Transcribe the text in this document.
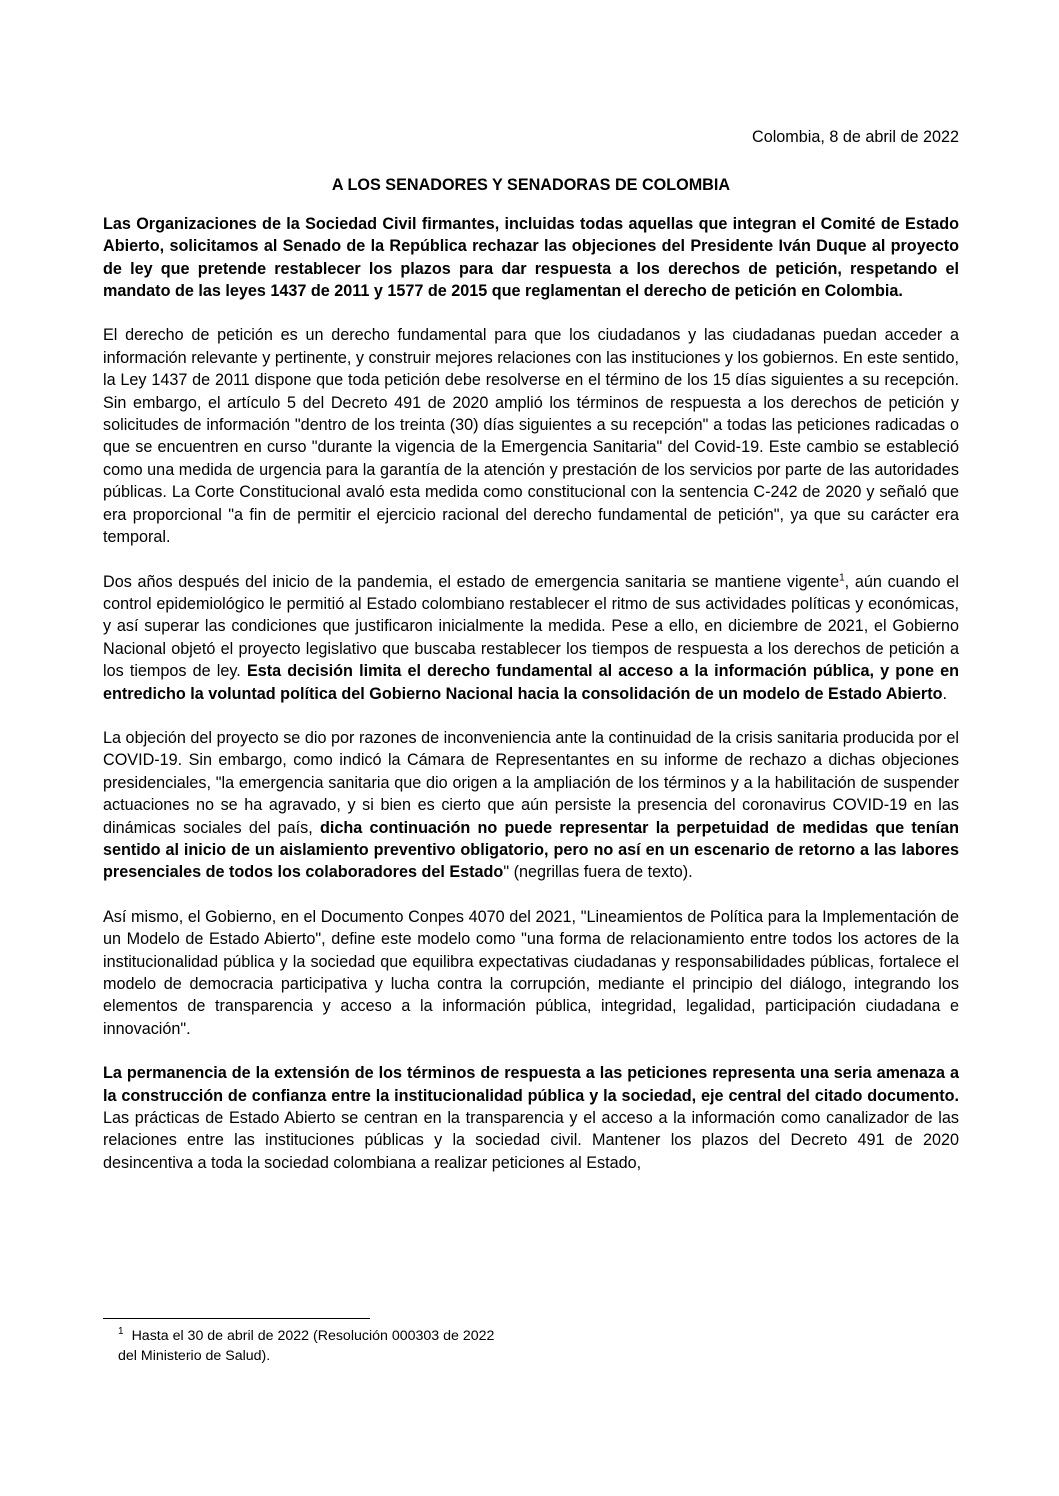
Colombia, 8 de abril de 2022

A LOS SENADORES Y SENADORAS DE COLOMBIA

Las Organizaciones de la Sociedad Civil firmantes, incluidas todas aquellas que integran el Comité de Estado Abierto, solicitamos al Senado de la República rechazar las objeciones del Presidente Iván Duque al proyecto de ley que pretende restablecer los plazos para dar respuesta a los derechos de petición, respetando el mandato de las leyes 1437 de 2011 y 1577 de 2015 que reglamentan el derecho de petición en Colombia.

El derecho de petición es un derecho fundamental para que los ciudadanos y las ciudadanas puedan acceder a información relevante y pertinente, y construir mejores relaciones con las instituciones y los gobiernos. En este sentido, la Ley 1437 de 2011 dispone que toda petición debe resolverse en el término de los 15 días siguientes a su recepción. Sin embargo, el artículo 5 del Decreto 491 de 2020 amplió los términos de respuesta a los derechos de petición y solicitudes de información "dentro de los treinta (30) días siguientes a su recepción" a todas las peticiones radicadas o que se encuentren en curso "durante la vigencia de la Emergencia Sanitaria" del Covid-19. Este cambio se estableció como una medida de urgencia para la garantía de la atención y prestación de los servicios por parte de las autoridades públicas. La Corte Constitucional avaló esta medida como constitucional con la sentencia C-242 de 2020 y señaló que era proporcional "a fin de permitir el ejercicio racional del derecho fundamental de petición", ya que su carácter era temporal.

Dos años después del inicio de la pandemia, el estado de emergencia sanitaria se mantiene vigente$^1$, aún cuando el control epidemiológico le permitió al Estado colombiano restablecer el ritmo de sus actividades políticas y económicas, y así superar las condiciones que justificaron inicialmente la medida. Pese a ello, en diciembre de 2021, el Gobierno Nacional objetó el proyecto legislativo que buscaba restablecer los tiempos de respuesta a los derechos de petición a los tiempos de ley. Esta decisión limita el derecho fundamental al acceso a la información pública, y pone en entredicho la voluntad política del Gobierno Nacional hacia la consolidación de un modelo de Estado Abierto.

La objeción del proyecto se dio por razones de inconveniencia ante la continuidad de la crisis sanitaria producida por el COVID-19. Sin embargo, como indicó la Cámara de Representantes en su informe de rechazo a dichas objeciones presidenciales, "la emergencia sanitaria que dio origen a la ampliación de los términos y a la habilitación de suspender actuaciones no se ha agravado, y si bien es cierto que aún persiste la presencia del coronavirus COVID-19 en las dinámicas sociales del país, dicha continuación no puede representar la perpetuidad de medidas que tenían sentido al inicio de un aislamiento preventivo obligatorio, pero no así en un escenario de retorno a las labores presenciales de todos los colaboradores del Estado" (negrillas fuera de texto).

Así mismo, el Gobierno, en el Documento Conpes 4070 del 2021, "Lineamientos de Política para la Implementación de un Modelo de Estado Abierto", define este modelo como "una forma de relacionamiento entre todos los actores de la institucionalidad pública y la sociedad que equilibra expectativas ciudadanas y responsabilidades públicas, fortalece el modelo de democracia participativa y lucha contra la corrupción, mediante el principio del diálogo, integrando los elementos de transparencia y acceso a la información pública, integridad, legalidad, participación ciudadana e innovación".

La permanencia de la extensión de los términos de respuesta a las peticiones representa una seria amenaza a la construcción de confianza entre la institucionalidad pública y la sociedad, eje central del citado documento. Las prácticas de Estado Abierto se centran en la transparencia y el acceso a la información como canalizador de las relaciones entre las instituciones públicas y la sociedad civil. Mantener los plazos del Decreto 491 de 2020 desincentiva a toda la sociedad colombiana a realizar peticiones al Estado,

$^1$ Hasta el 30 de abril de 2022 (Resolución 000303 de 2022
del Ministerio de Salud).
